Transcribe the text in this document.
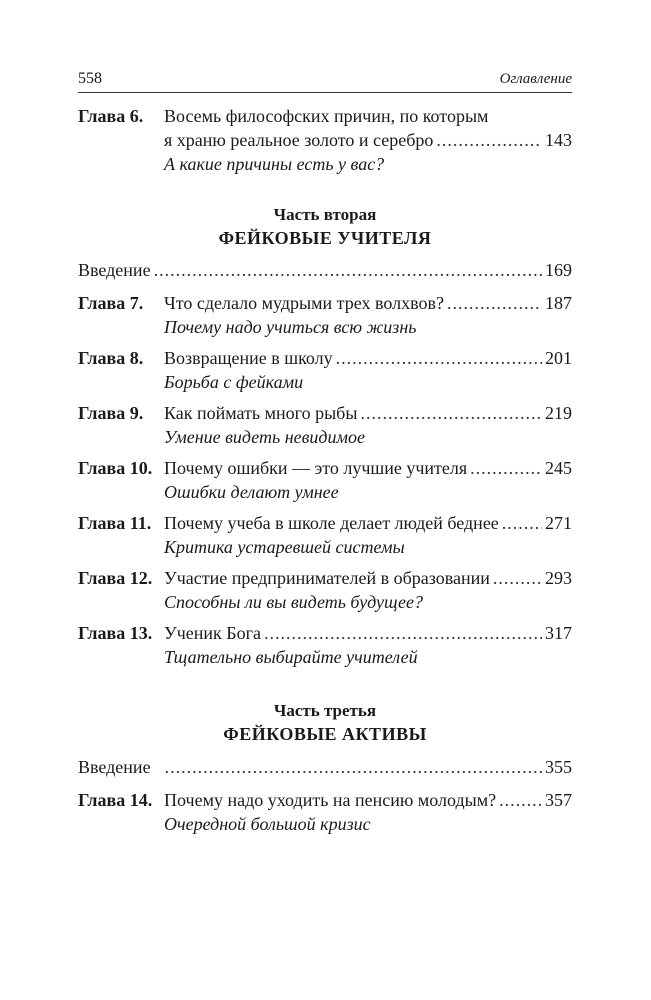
558	Оглавление
Глава 6. Восемь философских причин, по которым
я храню реальное золото и серебро .....	143
А какие причины есть у вас?
Часть вторая
ФЕЙКОВЫЕ УЧИТЕЛЯ
Введение .....	169
Глава 7. Что сделало мудрыми трех волхвов? .....	187
Почему надо учиться всю жизнь
Глава 8. Возвращение в школу .....	201
Борьба с фейками
Глава 9. Как поймать много рыбы .....	219
Умение видеть невидимое
Глава 10. Почему ошибки — это лучшие учителя .....	245
Ошибки делают умнее
Глава 11. Почему учеба в школе делает людей беднее .....	271
Критика устаревшей системы
Глава 12. Участие предпринимателей в образовании .....	293
Способны ли вы видеть будущее?
Глава 13. Ученик Бога .....	317
Тщательно выбирайте учителей
Часть третья
ФЕЙКОВЫЕ АКТИВЫ
Введение .....	355
Глава 14. Почему надо уходить на пенсию молодым? .....	357
Очередной большой кризис
